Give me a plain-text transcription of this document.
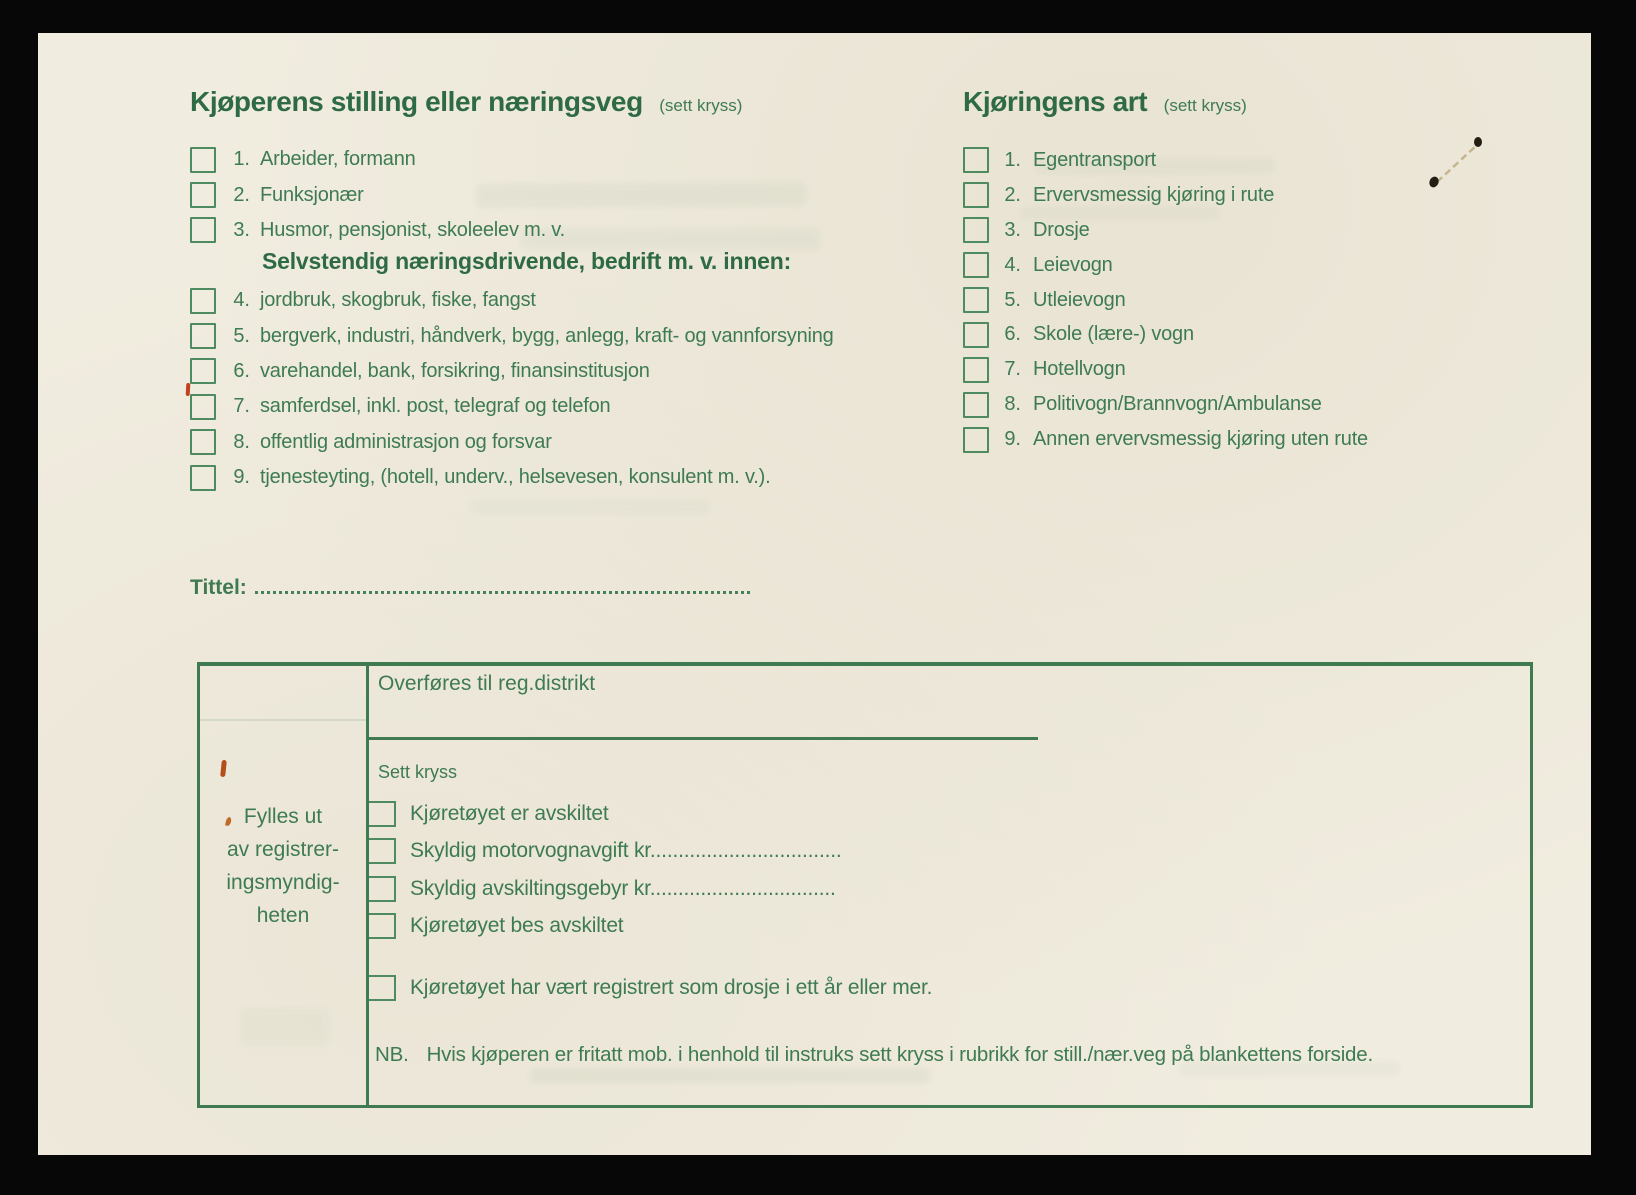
Kjøperens stilling eller næringsveg (sett kryss)
1. Arbeider, formann
2. Funksjonær
3. Husmor, pensjonist, skoleelev m. v.
Selvstendig næringsdrivende, bedrift m. v. innen:
4. jordbruk, skogbruk, fiske, fangst
5. bergverk, industri, håndverk, bygg, anlegg, kraft- og vannforsyning
6. varehandel, bank, forsikring, finansinstitusjon
7. samferdsel, inkl. post, telegraf og telefon
8. offentlig administrasjon og forsvar
9. tjenesteyting, (hotell, underv., helsevesen, konsulent m. v.).
Kjøringens art (sett kryss)
1. Egentransport
2. Ervervsmessig kjøring i rute
3. Drosje
4. Leievogn
5. Utleievogn
6. Skole (lære-) vogn
7. Hotellvogn
8. Politivogn/Brannvogn/Ambulanse
9. Annen ervervsmessig kjøring uten rute
Tittel:
Overføres til reg.distrikt
Sett kryss
Fylles ut
av registrer-
ingsmyndig-
heten
Kjøretøyet er avskiltet
Skyldig motorvognavgift kr..................................
Skyldig avskiltingsgebyr kr.................................
Kjøretøyet bes avskiltet
Kjøretøyet har vært registrert som drosje i ett år eller mer.
NB. Hvis kjøperen er fritatt mob. i henhold til instruks sett kryss i rubrikk for still./nær.veg på blankettens forside.
